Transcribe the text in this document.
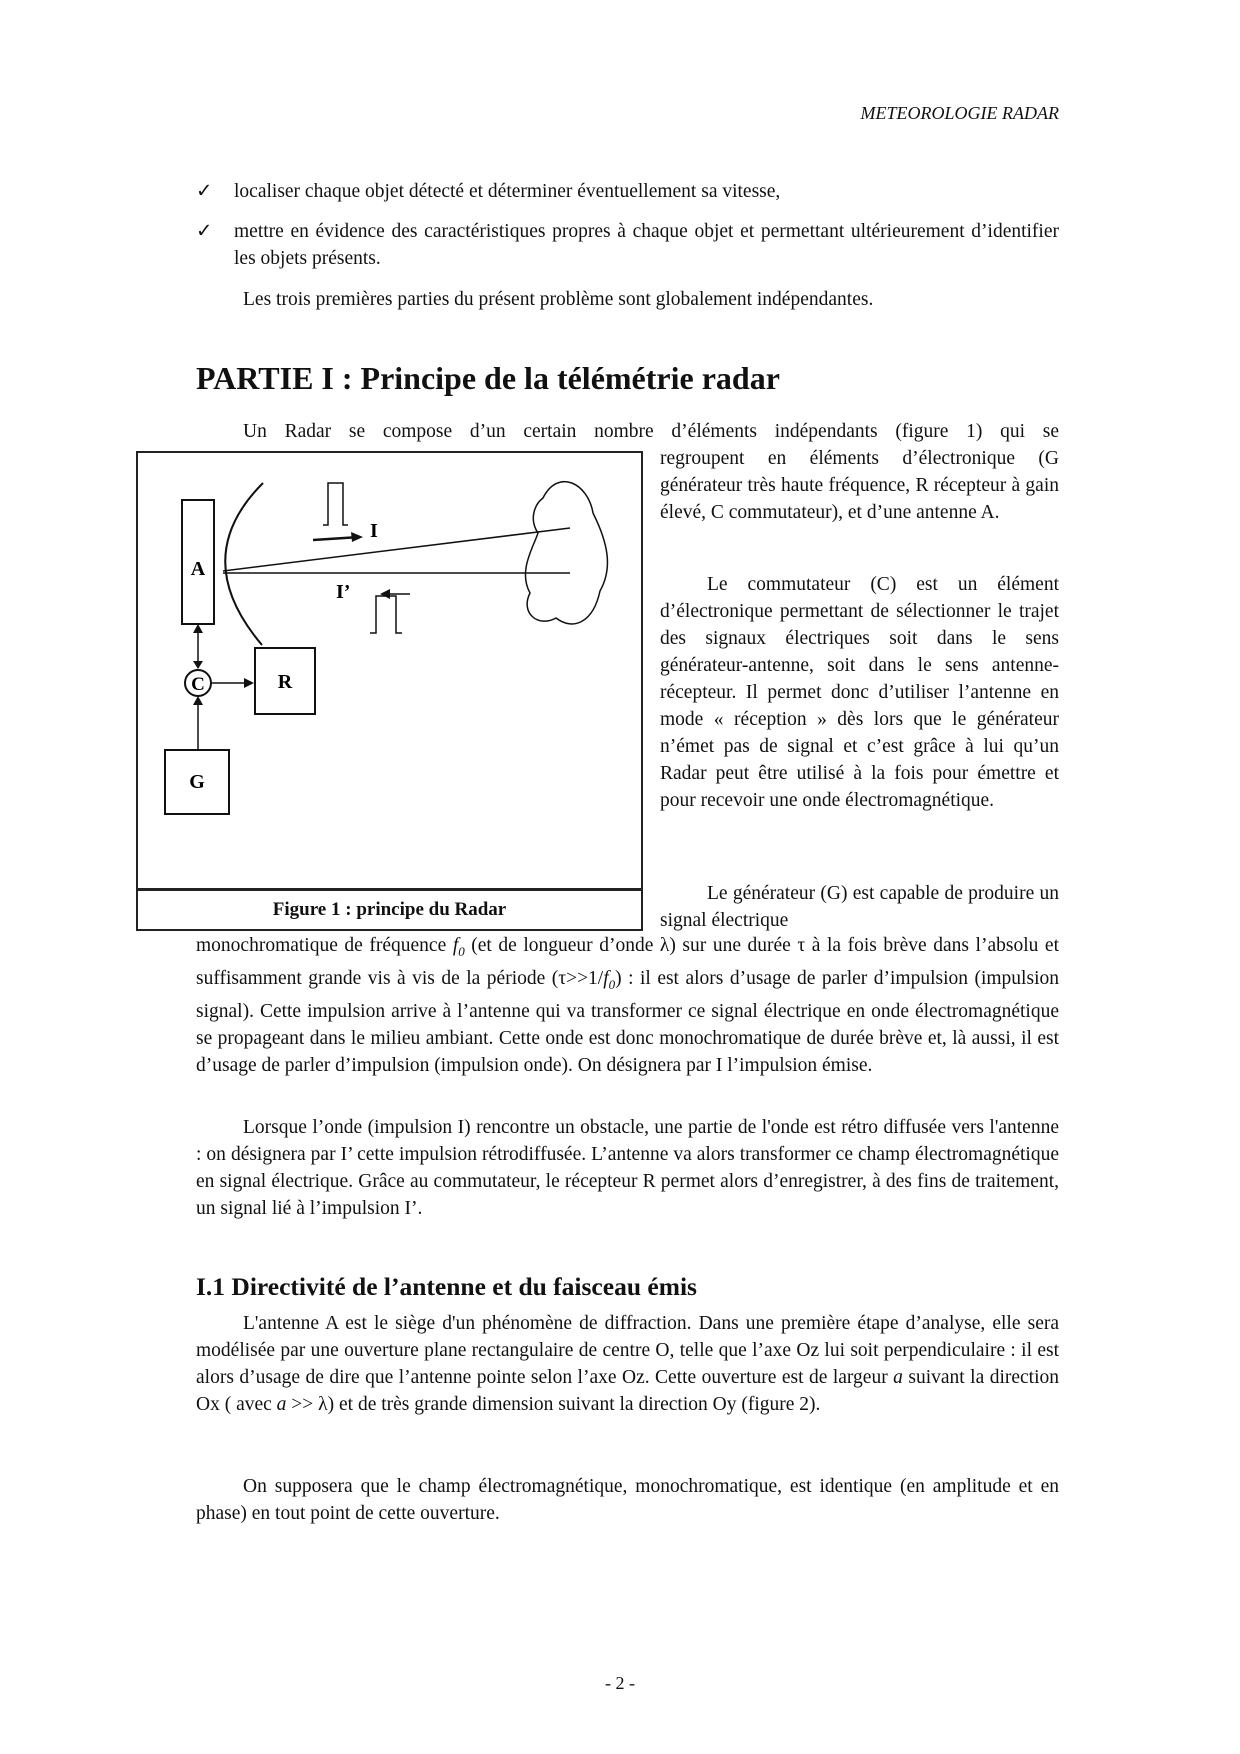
METEOROLOGIE RADAR
✓ localiser chaque objet détecté et déterminer éventuellement sa vitesse,
✓ mettre en évidence des caractéristiques propres à chaque objet et permettant ultérieurement d’identifier les objets présents.
Les trois premières parties du présent problème sont globalement indépendantes.
PARTIE I : Principe de la télémétrie radar
Un Radar se compose d’un certain nombre d’éléments indépendants (figure 1) qui se
regroupent en éléments d’électronique (G générateur très haute fréquence, R récepteur à gain élevé, C commutateur), et d’une antenne A.
Le commutateur (C) est un élément d’électronique permettant de sélectionner le trajet des signaux électriques soit dans le sens générateur-antenne, soit dans le sens antenne-récepteur. Il permet donc d’utiliser l’antenne en mode « réception » dès lors que le générateur n’émet pas de signal et c’est grâce à lui qu’un Radar peut être utilisé à la fois pour émettre et pour recevoir une onde électromagnétique.
Le générateur (G) est capable de produire un signal électrique
A
I
I’
C	R
G
Figure 1 : principe du Radar
monochromatique de fréquence $f_0$ (et de longueur d’onde λ) sur une durée τ à la fois brève dans l’absolu et suffisamment grande vis à vis de la période $(\tau>>1/f_0)$ : il est alors d’usage de parler d’impulsion (impulsion signal). Cette impulsion arrive à l’antenne qui va transformer ce signal électrique en onde électromagnétique se propageant dans le milieu ambiant. Cette onde est donc monochromatique de durée brève et, là aussi, il est d’usage de parler d’impulsion (impulsion onde). On désignera par I l’impulsion émise.
Lorsque l’onde (impulsion I) rencontre un obstacle, une partie de l'onde est rétro diffusée vers l'antenne : on désignera par I’ cette impulsion rétrodiffusée. L’antenne va alors transformer ce champ électromagnétique en signal électrique. Grâce au commutateur, le récepteur R permet alors d’enregistrer, à des fins de traitement, un signal lié à l’impulsion I’.
I.1 Directivité de l’antenne et du faisceau émis
L'antenne A est le siège d'un phénomène de diffraction. Dans une première étape d’analyse, elle sera modélisée par une ouverture plane rectangulaire de centre O, telle que l’axe Oz lui soit perpendiculaire : il est alors d’usage de dire que l’antenne pointe selon l’axe Oz. Cette ouverture est de largeur a suivant la direction Ox ( avec a >> λ) et de très grande dimension suivant la direction Oy (figure 2).
On supposera que le champ électromagnétique, monochromatique, est identique (en amplitude et en phase) en tout point de cette ouverture.
- 2 -
